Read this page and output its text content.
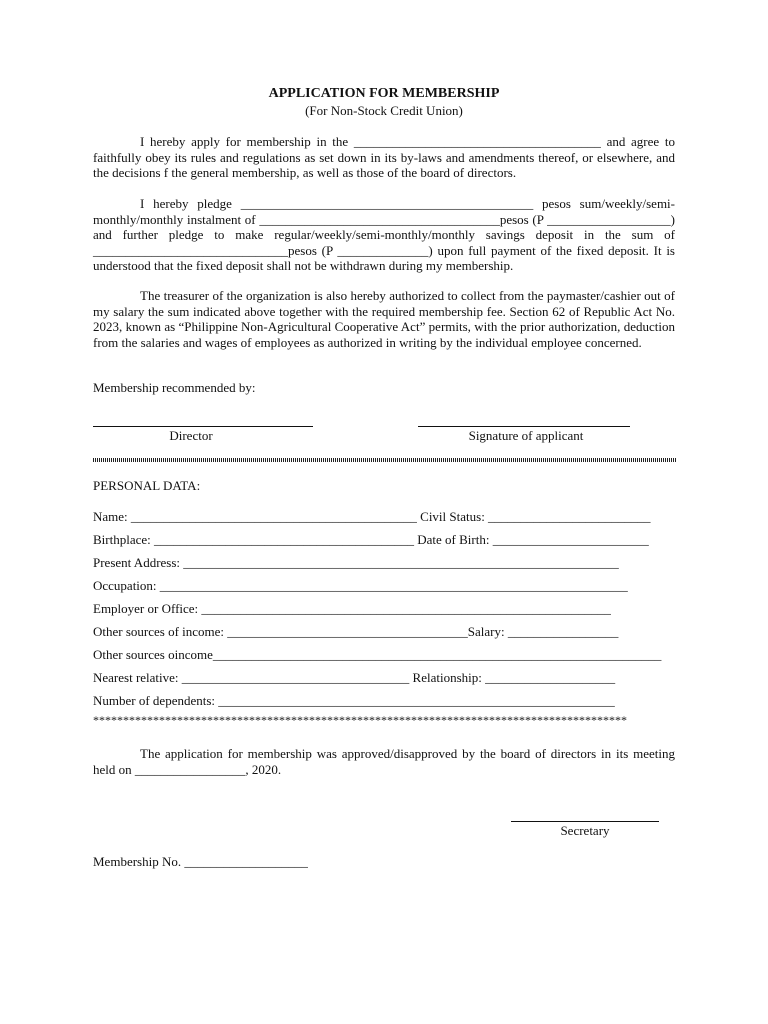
APPLICATION FOR MEMBERSHIP
(For Non-Stock Credit Union)

I hereby apply for membership in the ______________________________________ and agree to faithfully obey its rules and regulations as set down in its by-laws and amendments thereof, or elsewhere, and the decisions f the general membership, as well as those of the board of directors.

I hereby pledge _____________________________________________ pesos sum/weekly/semi-monthly/monthly instalment of _____________________________________pesos (P ___________________) and further pledge to make regular/weekly/semi-monthly/monthly savings deposit in the sum of ______________________________pesos (P ______________) upon full payment of the fixed deposit. It is understood that the fixed deposit shall not be withdrawn during my membership.

The treasurer of the organization is also hereby authorized to collect from the paymaster/cashier out of my salary the sum indicated above together with the required membership fee. Section 62 of Republic Act No. 2023, known as “Philippine Non-Agricultural Cooperative Act” permits, with the prior authorization, deduction from the salaries and wages of employees as authorized in writing by the individual employee concerned.

Membership recommended by:
Director	Signature of applicant
PERSONAL DATA:
Name: ____________________________________________ Civil Status: _________________________
Birthplace: ________________________________________ Date of Birth: ________________________
Present Address: ___________________________________________________________________
Occupation: ________________________________________________________________________
Employer or Office: _______________________________________________________________
Other sources of income: _____________________________________Salary: _________________
Other sources oincome_____________________________________________________________________
Nearest relative: ___________________________________ Relationship: ____________________
Number of dependents: _____________________________________________________________
*****************************************************************************************

The application for membership was approved/disapproved by the board of directors in its meeting held on _________________, 2020.

Secretary
Membership No. ___________________
